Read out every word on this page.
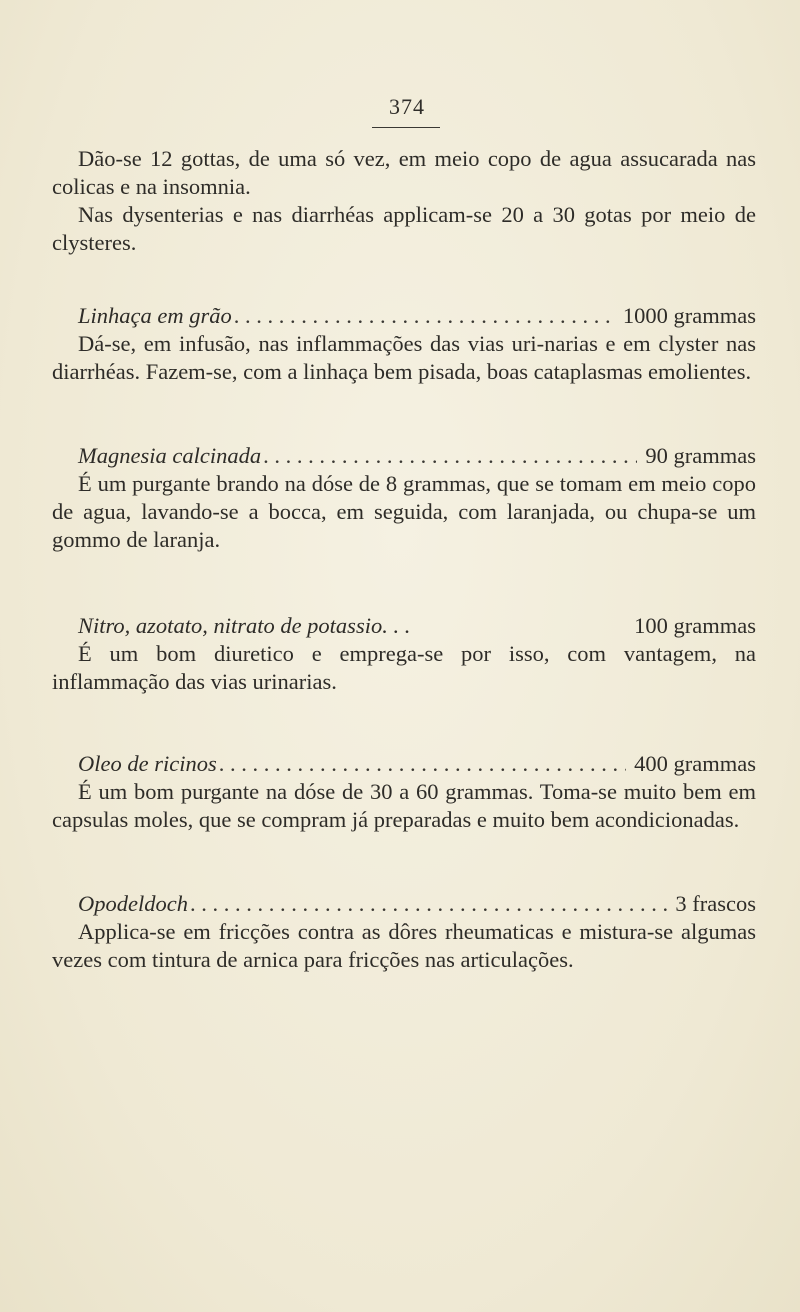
374

Dão-se 12 gottas, de uma só vez, em meio copo de agua assucarada nas colicas e na insomnia.

Nas dysenterias e nas diarrhéas applicam-se 20 a 30 gotas por meio de clysteres.

Linhaça em grão . . .	1000 grammas

Dá-se, em infusão, nas inflammações das vias uri-narias e em clyster nas diarrhéas. Fazem-se, com a linhaça bem pisada, boas cataplasmas emolientes.

Magnesia calcinada . . .	90 grammas

É um purgante brando na dóse de 8 grammas, que se tomam em meio copo de agua, lavando-se a bocca, em seguida, com laranjada, ou chupa-se um gommo de laranja.

Nitro, azotato, nitrato de potassio. . .	100 grammas

É um bom diuretico e emprega-se por isso, com vantagem, na inflammação das vias urinarias.

Oleo de ricinos . . .	400 grammas

É um bom purgante na dóse de 30 a 60 grammas. Toma-se muito bem em capsulas moles, que se compram já preparadas e muito bem acondicionadas.

Opodeldoch . . .	3 frascos

Applica-se em fricções contra as dôres rheumaticas e mistura-se algumas vezes com tintura de arnica para fricções nas articulações.
